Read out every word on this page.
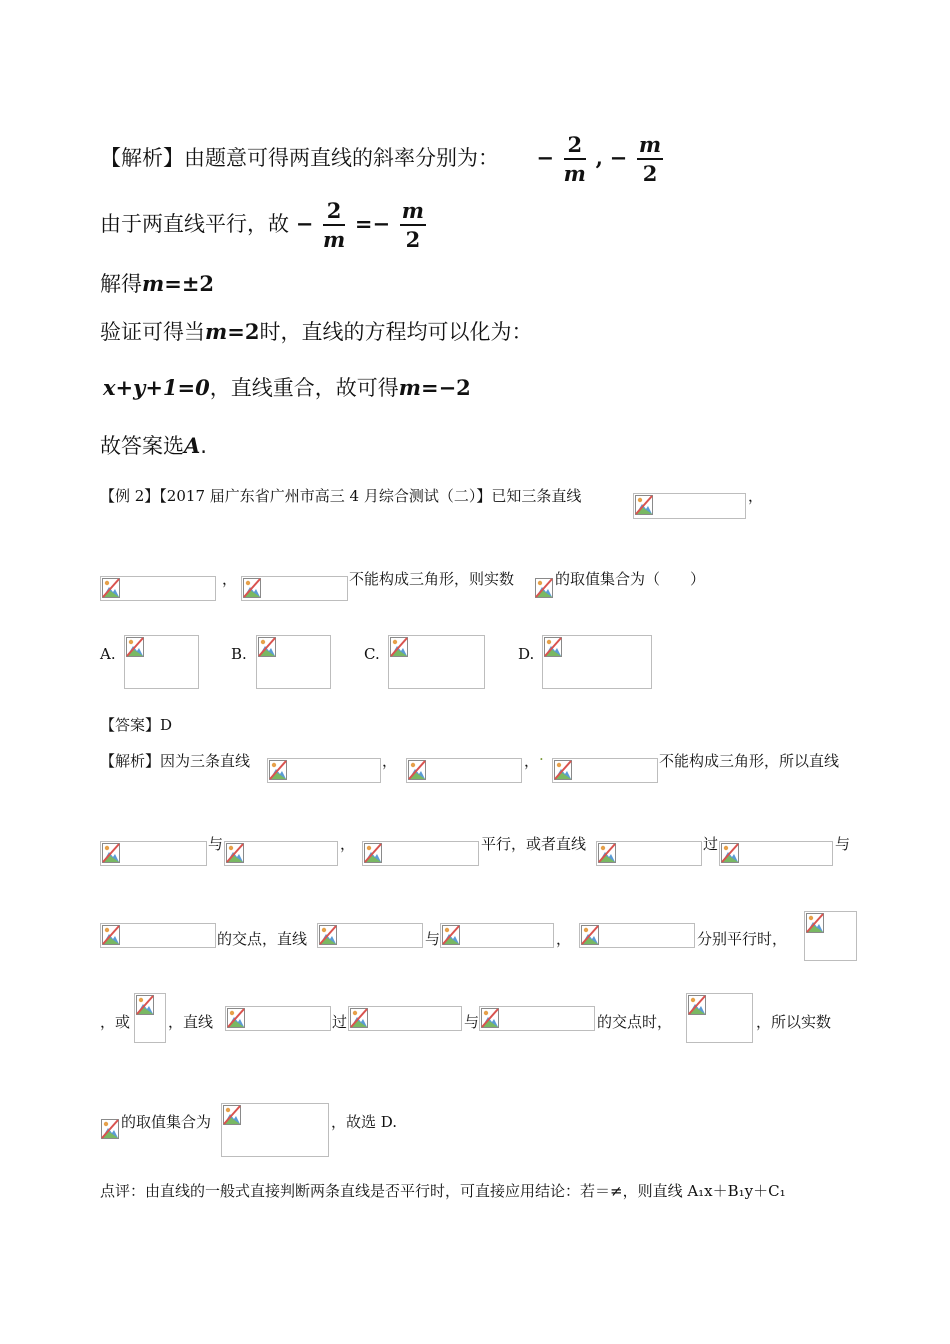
【解析】由题意可得两直线的斜率分别为： − $\frac{2}{m}$ , − $\frac{m}{2}$
由于两直线平行，故 − $\frac{2}{m} =- \frac{m}{2}$
解得m=±2
验证可得当m=2时，直线的方程均可以化为：
x+y+1=0，直线重合，故可得m=−2
故答案选A.
【例 2】【2017 届广东省广州市高三 4 月综合测试（二）】已知三条直线	，
，	不能构成三角形，则实数	的取值集合为（　　）
A.	B.	C.	D.
【答案】D
【解析】因为三条直线	，	， ·	不能构成三角形，所以直线
与	，	平行，或者直线	过	与
的交点，直线	与	，	分别平行时，
，或	，直线	过	与	的交点时，	，所以实数
的取值集合为	，故选 D.
点评：由直线的一般式直接判断两条直线是否平行时，可直接应用结论：若＝≠，则直线 A₁x＋B₁y＋C₁
